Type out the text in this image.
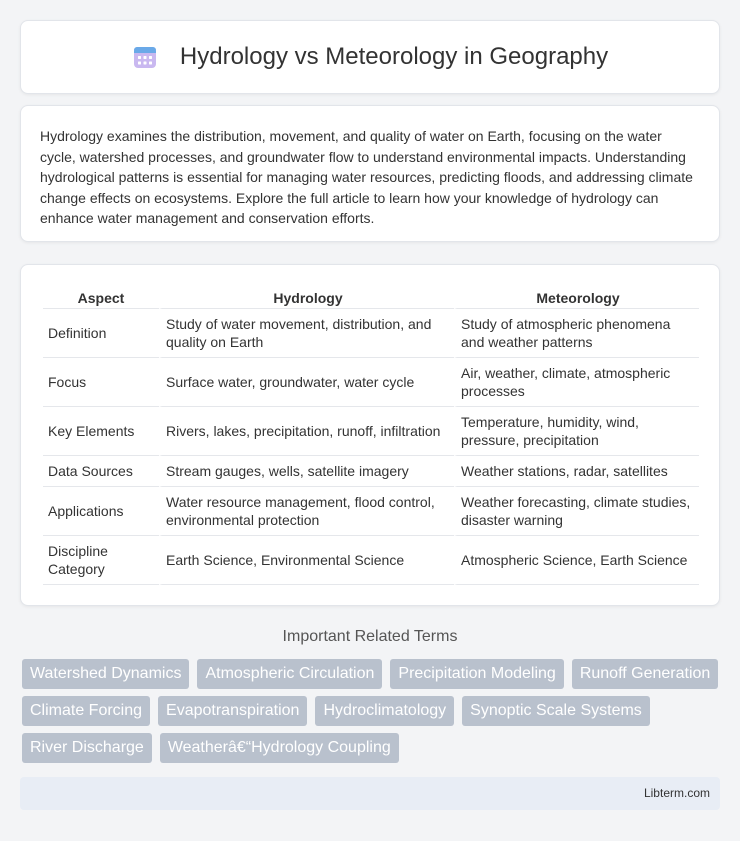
Hydrology vs Meteorology in Geography

Hydrology examines the distribution, movement, and quality of water on Earth, focusing on the water cycle, watershed processes, and groundwater flow to understand environmental impacts. Understanding hydrological patterns is essential for managing water resources, predicting floods, and addressing climate change effects on ecosystems. Explore the full article to learn how your knowledge of hydrology can enhance water management and conservation efforts.

Aspect	Hydrology	Meteorology
Definition	Study of water movement, distribution, and quality on Earth	Study of atmospheric phenomena and weather patterns
Focus	Surface water, groundwater, water cycle	Air, weather, climate, atmospheric processes
Key Elements	Rivers, lakes, precipitation, runoff, infiltration	Temperature, humidity, wind, pressure, precipitation
Data Sources	Stream gauges, wells, satellite imagery	Weather stations, radar, satellites
Applications	Water resource management, flood control, environmental protection	Weather forecasting, climate studies, disaster warning
Discipline Category	Earth Science, Environmental Science	Atmospheric Science, Earth Science
Important Related Terms
Watershed Dynamics	Atmospheric Circulation	Precipitation Modeling	Runoff Generation
Climate Forcing	Evapotranspiration	Hydroclimatology	Synoptic Scale Systems
River Discharge	Weatherâ€“Hydrology Coupling
Libterm.com
